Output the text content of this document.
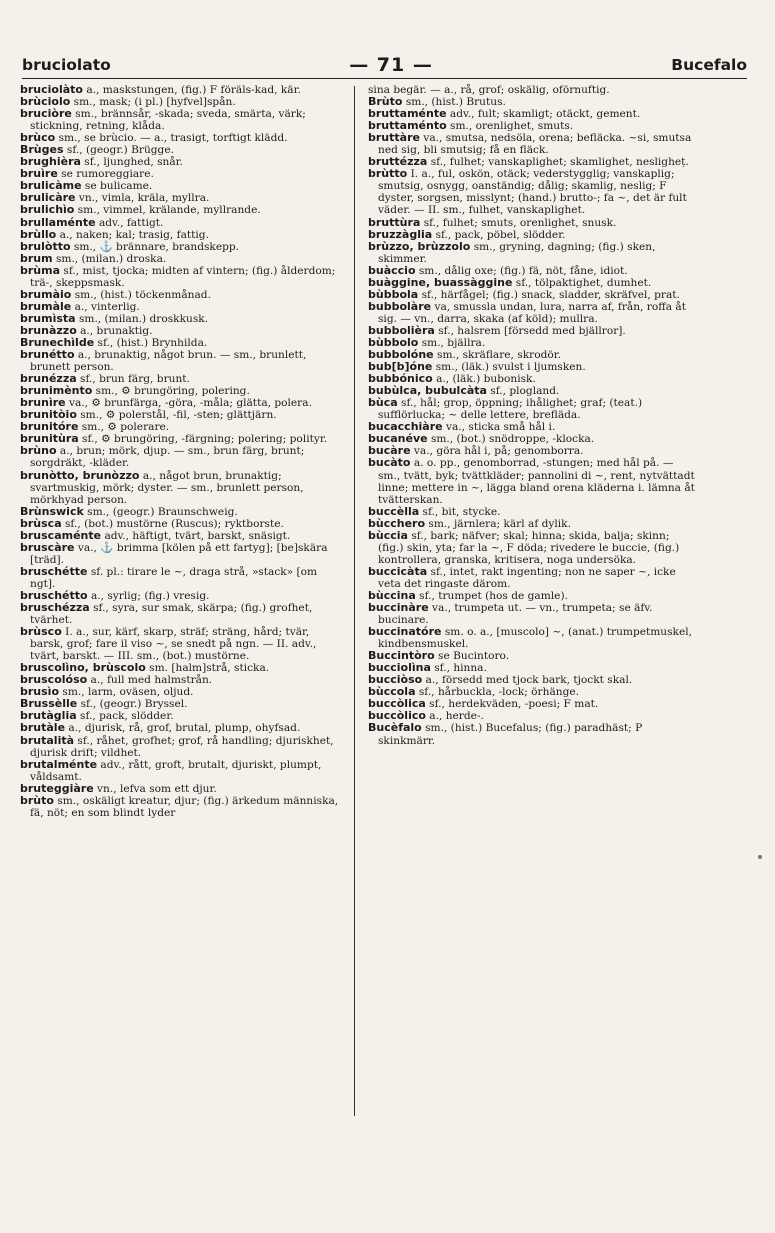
bruciolato	— 71 —	Bucefalo

bruciolàto a., maskstungen, (fig.) F föräls-kad, kär.

brùciolo sm., mask; (i pl.) [hyfvel]spån.

bruciòre sm., brännsår, -skada; sveda, smärta, värk; stickning, retning, klåda.

brùco sm., se brùcio. — a., trasigt, torftigt klädd.

Brùges sf., (geogr.) Brügge.

brughièra sf., ljunghed, snår.

bruìre se rumoreggiare.

brulicàme se bulicame.

brulicàre vn., vimla, kräla, myllra.

brulichìo sm., vimmel, krälande, myllrande.

brullaménte adv., fattigt.

brùllo a., naken; kal; trasig, fattig.

brulòtto sm., ⚓ brännare, brandskepp.

brum sm., (milan.) droska.

brùma sf., mist, tjocka; midten af vintern; (fig.) ålderdom; trä-, skeppsmask.

brumàio sm., (hist.) töckenmånad.

brumàle a., vinterlig.

brumìsta sm., (milan.) droskkusk.

brunàzzo a., brunaktig.

Brunechìlde sf., (hist.) Brynhilda.

brunétto a., brunaktig, något brun. — sm., brunlett, brunett person.

brunézza sf., brun färg, brunt.

brunimènto sm., ⚙ brungöring, polering.

brunìre va., ⚙ brunfärga, -göra, -måla; glätta, polera.

brunitòio sm., ⚙ polerstål, -fil, -sten; glättjärn.

brunitóre sm., ⚙ polerare.

brunitùra sf., ⚙ brungöring, -färgning; polering; polityr.

brùno a., brun; mörk, djup. — sm., brun färg, brunt; sorgdräkt, -kläder.

brunòtto, brunòzzo a., något brun, brunaktig; svartmuskig, mörk; dyster. — sm., brunlett person, mörkhyad person.

Brùnswick sm., (geogr.) Braunschweig.

brùsca sf., (bot.) mustörne (Ruscus); ryktborste.

bruscaménte adv., häftigt, tvärt, barskt, snäsigt.

bruscàre va., ⚓ brimma [kölen på ett fartyg]; [be]skära [träd].

bruschétte sf. pl.: tirare le ~, draga strå, »stack» [om ngt].

bruschétto a., syrlig; (fig.) vresig.

bruschézza sf., syra, sur smak, skärpa; (fig.) grofhet, tvärhet.

brùsco I. a., sur, kärf, skarp, sträf; sträng, hård; tvär, barsk, grof; fare il viso ~, se snedt på ngn. — II. adv., tvärt, barskt. — III. sm., (bot.) mustörne.

bruscolìno, brùscolo sm. [halm]strå, sticka.

bruscolóso a., full med halmstrån.

brusìo sm., larm, oväsen, oljud.

Brussèlle sf., (geogr.) Bryssel.

brutàglia sf., pack, slödder.

brutàle a., djurisk, rå, grof, brutal, plump, ohyfsad.

brutalità sf., råhet, grofhet; grof, rå handling; djuriskhet, djurisk drift; vildhet.

brutalménte adv., rått, groft, brutalt, djuriskt, plumpt, våldsamt.

bruteggiàre vn., lefva som ett djur.

brùto sm., oskäligt kreatur, djur; (fig.) ärkedum människa, fä, nöt; en som blindt lyder

sina begär. — a., rå, grof; oskälig, oförnuftig.

Brùto sm., (hist.) Brutus.

bruttaménte adv., fult; skamligt; otäckt, gement.

bruttaménto sm., orenlighet, smuts.

bruttàre va., smutsa, nedsöla, orena; befläcka. ~si, smutsa ned sig, bli smutsig; få en fläck.

bruttézza sf., fulhet; vanskaplighet; skamlighet, nesligheț.

brùtto I. a., ful, oskön, otäck; vederstygglig; vanskaplig; smutsig, osnygg, oanständig; dålig; skamlig, neslig; F dyster, sorgsen, misslynt; (hand.) brutto-; fa ~, det är fult väder. — II. sm., fulhet, vanskaplighet.

bruttùra sf., fulhet; smuts, orenlighet, snusk.

bruzzàglia sf., pack, pöbel, slödder.

brùzzo, brùzzolo sm., gryning, dagning; (fig.) sken, skimmer.

buàccio sm., dålig oxe; (fig.) fä, nöt, fåne, idiot.

buàggine, buassàggine sf., tölpaktighet, dumhet.

bùbbola sf., härfågel; (fig.) snack, sladder, skräfvel, prat.

bubbolàre va, smussla undan, lura, narra af, från, roffa åt sig. — vn., darra, skaka (af köld); mullra.

bubbolièra sf., halsrem [försedd med bjällror].

bùbbolo sm., bjällra.

bubbolóne sm., skräflare, skrodör.

bub[b]óne sm., (läk.) svulst i ljumsken.

bubbónico a., (läk.) bubonisk.

bubùlca, bubulcàta sf., plogland.

bùca sf., hål; grop, öppning; ihålighet; graf; (teat.) sufflörlucka; ~ delle lettere, brefläda.

bucacchiàre va., sticka små hål i.

bucanéve sm., (bot.) snödroppe, -klocka.

bucàre va., göra hål i, på; genomborra.

bucàto a. o. pp., genomborrad, -stungen; med hål på. — sm., tvätt, byk; tvättkläder; pannolini di ~, rent, nytvättadt linne; mettere in ~, lägga bland orena kläderna i. lämna åt tvätterskan.

buccèlla sf., bit, stycke.

bùcchero sm., järnlera; kärl af dylik.

bùccia sf., bark; näfver; skal; hinna; skida, balja; skinn; (fig.) skin, yta; far la ~, F döda; rivedere le buccie, (fig.) kontrollera, granska, kritisera, noga undersöka.

buccicàta sf., intet, rakt ingenting; non ne saper ~, icke veta det ringaste därom.

bùccina sf., trumpet (hos de gamle).

buccinàre va., trumpeta ut. — vn., trumpeta; se äfv. bucinare.

buccinatóre sm. o. a., [muscolo] ~, (anat.) trumpetmuskel, kindbensmuskel.

Buccintòro se Bucintoro.

bucciolìna sf., hinna.

bucciòso a., försedd med tjock bark, tjockt skal.

bùccola sf., hårbuckla, -lock; örhänge.

buccòlica sf., herdekväden, -poesi; F mat.

buccòlico a., herde-.

Bucèfalo sm., (hist.) Bucefalus; (fig.) paradhäst; P skinkmärr.
